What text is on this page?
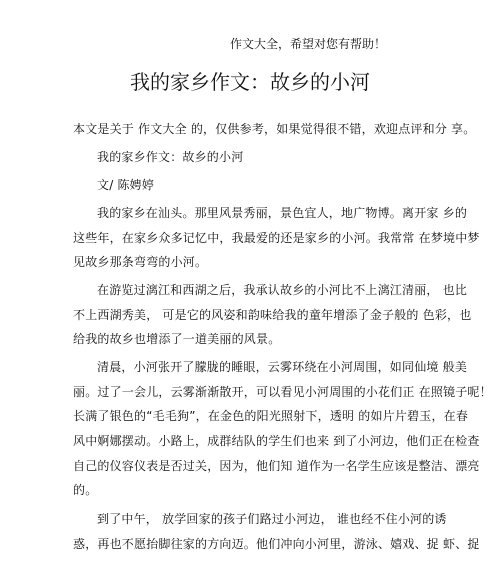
作文大全，希望对您有帮助！
我的家乡作文：故乡的小河
本文是关于 作文大全 的，仅供参考，如果觉得很不错，欢迎点评和分 享。
我的家乡作文：故乡的小河
文/ 陈娉婷
我的家乡在汕头。那里风景秀丽，景色宜人，地广物博。离开家 乡的
这些年，在家乡众多记忆中，我最爱的还是家乡的小河。我常常 在梦境中梦
见故乡那条弯弯的小河。
在游览过漓江和西湖之后，我承认故乡的小河比不上漓江清丽， 也比
不上西湖秀美， 可是它的风姿和韵味给我的童年增添了金子般的 色彩，也
给我的故乡也增添了一道美丽的风景。
清晨，小河张开了朦胧的睡眼，云雾环绕在小河周围，如同仙境 般美
丽。过了一会儿，云雾渐渐散开，可以看见小河周围的小花们正 在照镜子呢！
长满了银色的“毛毛狗”，在金色的阳光照射下，透明 的如片片碧玉，在春
风中婀娜摆动。小路上，成群结队的学生们也来 到了小河边，他们正在检查
自己的仪容仪表是否过关，因为，他们知 道作为一名学生应该是整洁、漂亮
的。
到了中午， 放学回家的孩子们路过小河边， 谁也经不住小河的诱
惑，再也不愿抬脚往家的方向迈。他们冲向小河里，游泳、嬉戏、捉 虾、捉
